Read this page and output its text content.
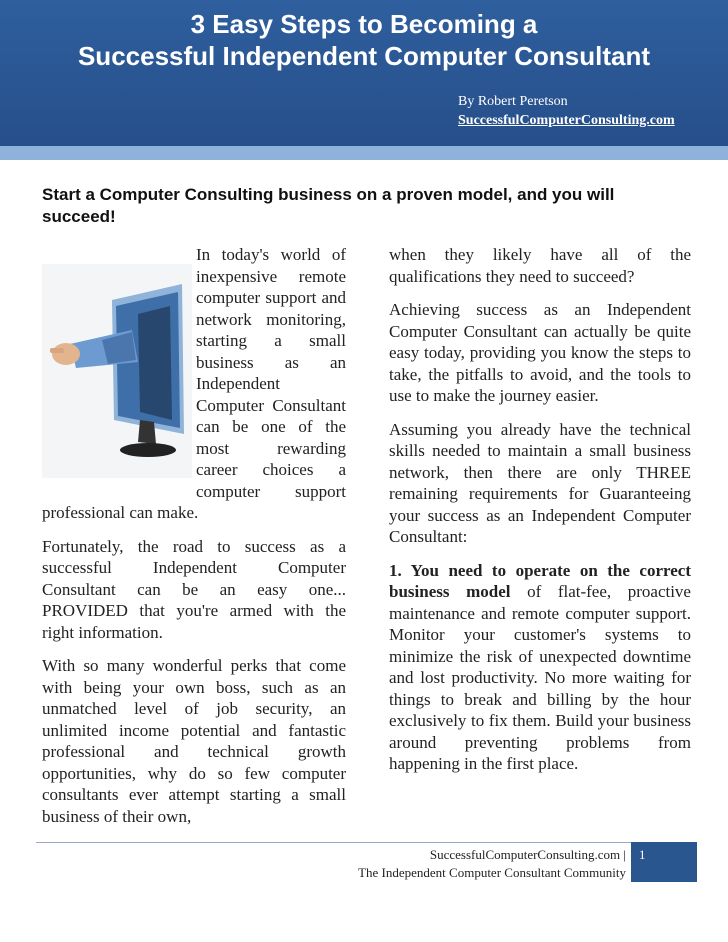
3 Easy Steps to Becoming a
Successful Independent Computer Consultant
By Robert Peretson
SuccessfulComputerConsulting.com
Start a Computer Consulting business on a proven model, and you will succeed!

In today's world of inexpensive remote computer support and network monitoring, starting a small business as an Independent Computer Consultant can be one of the most rewarding career choices a computer support professional can make.

Fortunately, the road to success as a successful Independent Computer Consultant can be an easy one... PROVIDED that you're armed with the right information.

With so many wonderful perks that come with being your own boss, such as an unmatched level of job security, an unlimited income potential and fantastic professional and technical growth opportunities, why do so few computer consultants ever attempt starting a small business of their own,

when they likely have all of the qualifications they need to succeed?

Achieving success as an Independent Computer Consultant can actually be quite easy today, providing you know the steps to take, the pitfalls to avoid, and the tools to use to make the journey easier.

Assuming you already have the technical skills needed to maintain a small business network, then there are only THREE remaining requirements for Guaranteeing your success as an Independent Computer Consultant:

1. You need to operate on the correct business model of flat-fee, proactive maintenance and remote computer support. Monitor your customer's systems to minimize the risk of unexpected downtime and lost productivity. No more waiting for things to break and billing by the hour exclusively to fix them. Build your business around preventing problems from happening in the first place.

SuccessfulComputerConsulting.com |
The Independent Computer Consultant Community
1
